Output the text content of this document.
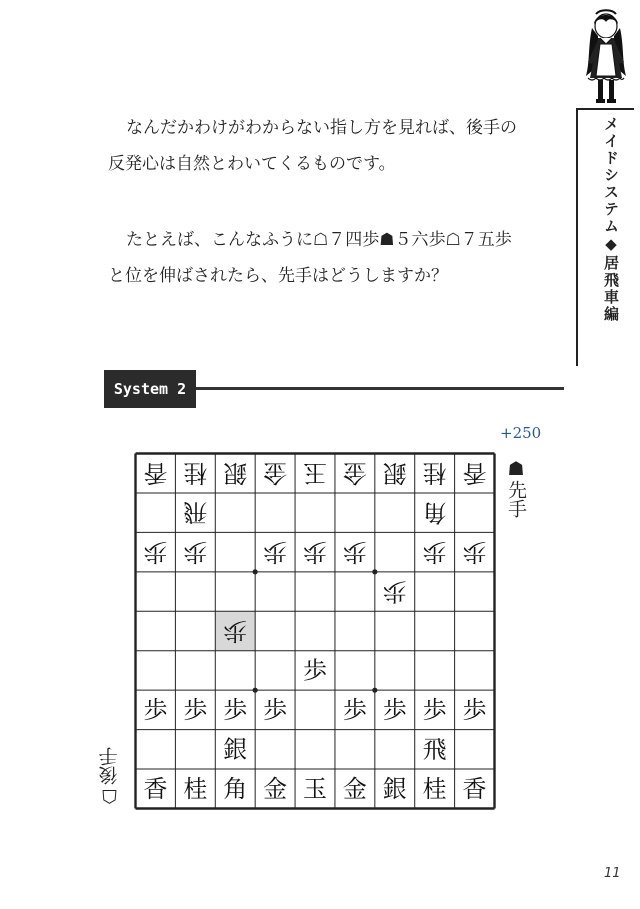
メイドシステム◆居飛車編

なんだかわけがわからない指し方を見れば、後手の
反発心は自然とわいてくるものです。

たとえば、こんなふうに☖７四歩☗５六歩☖７五歩
と位を伸ばされたら、先手はどうしますか？

System 2
+250
香 桂 銀 金 玉 金 銀 桂 香
飛	角
歩 歩 歩 歩 歩 歩 歩
歩
歩
歩
歩 歩 歩 歩 歩 歩 歩 歩
銀	飛
香 桂 角 金 玉 金 銀 桂 香
☗先手
☖後手
11
